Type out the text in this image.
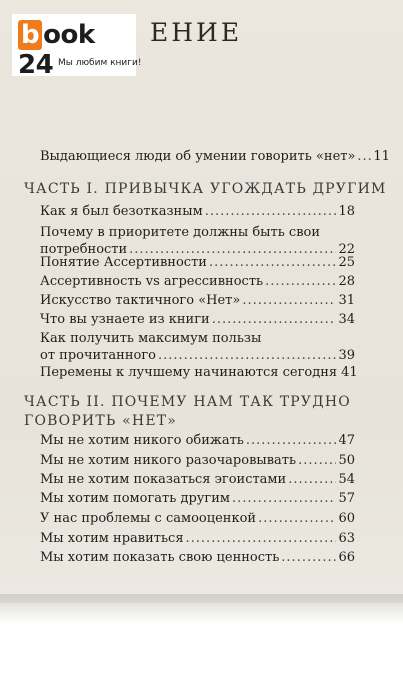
ЕНИЕ
b ook 24 Мы любим книги!
Выдающиеся люди об умении говорить «нет» ..... 11
ЧАСТЬ I. ПРИВЫЧКА УГОЖДАТЬ ДРУГИМ
Как я был безотказным .....	18
Почему в приоритете должны быть свои
потребности .....	22
Понятие Ассертивности .....	25
Ассертивность vs агрессивность .....	28
Искусство тактичного «Нет» .....	31
Что вы узнаете из книги .....	34
Как получить максимум пользы
от прочитанного .....	39
Перемены к лучшему начинаются сегодня 41
ЧАСТЬ II. ПОЧЕМУ НАМ ТАК ТРУДНО
ГОВОРИТЬ «НЕТ»
Мы не хотим никого обижать .....	47
Мы не хотим никого разочаровывать .....	50
Мы не хотим показаться эгоистами .....	54
Мы хотим помогать другим .....	57
У нас проблемы с самооценкой .....	60
Мы хотим нравиться .....	63
Мы хотим показать свою ценность .....	66
